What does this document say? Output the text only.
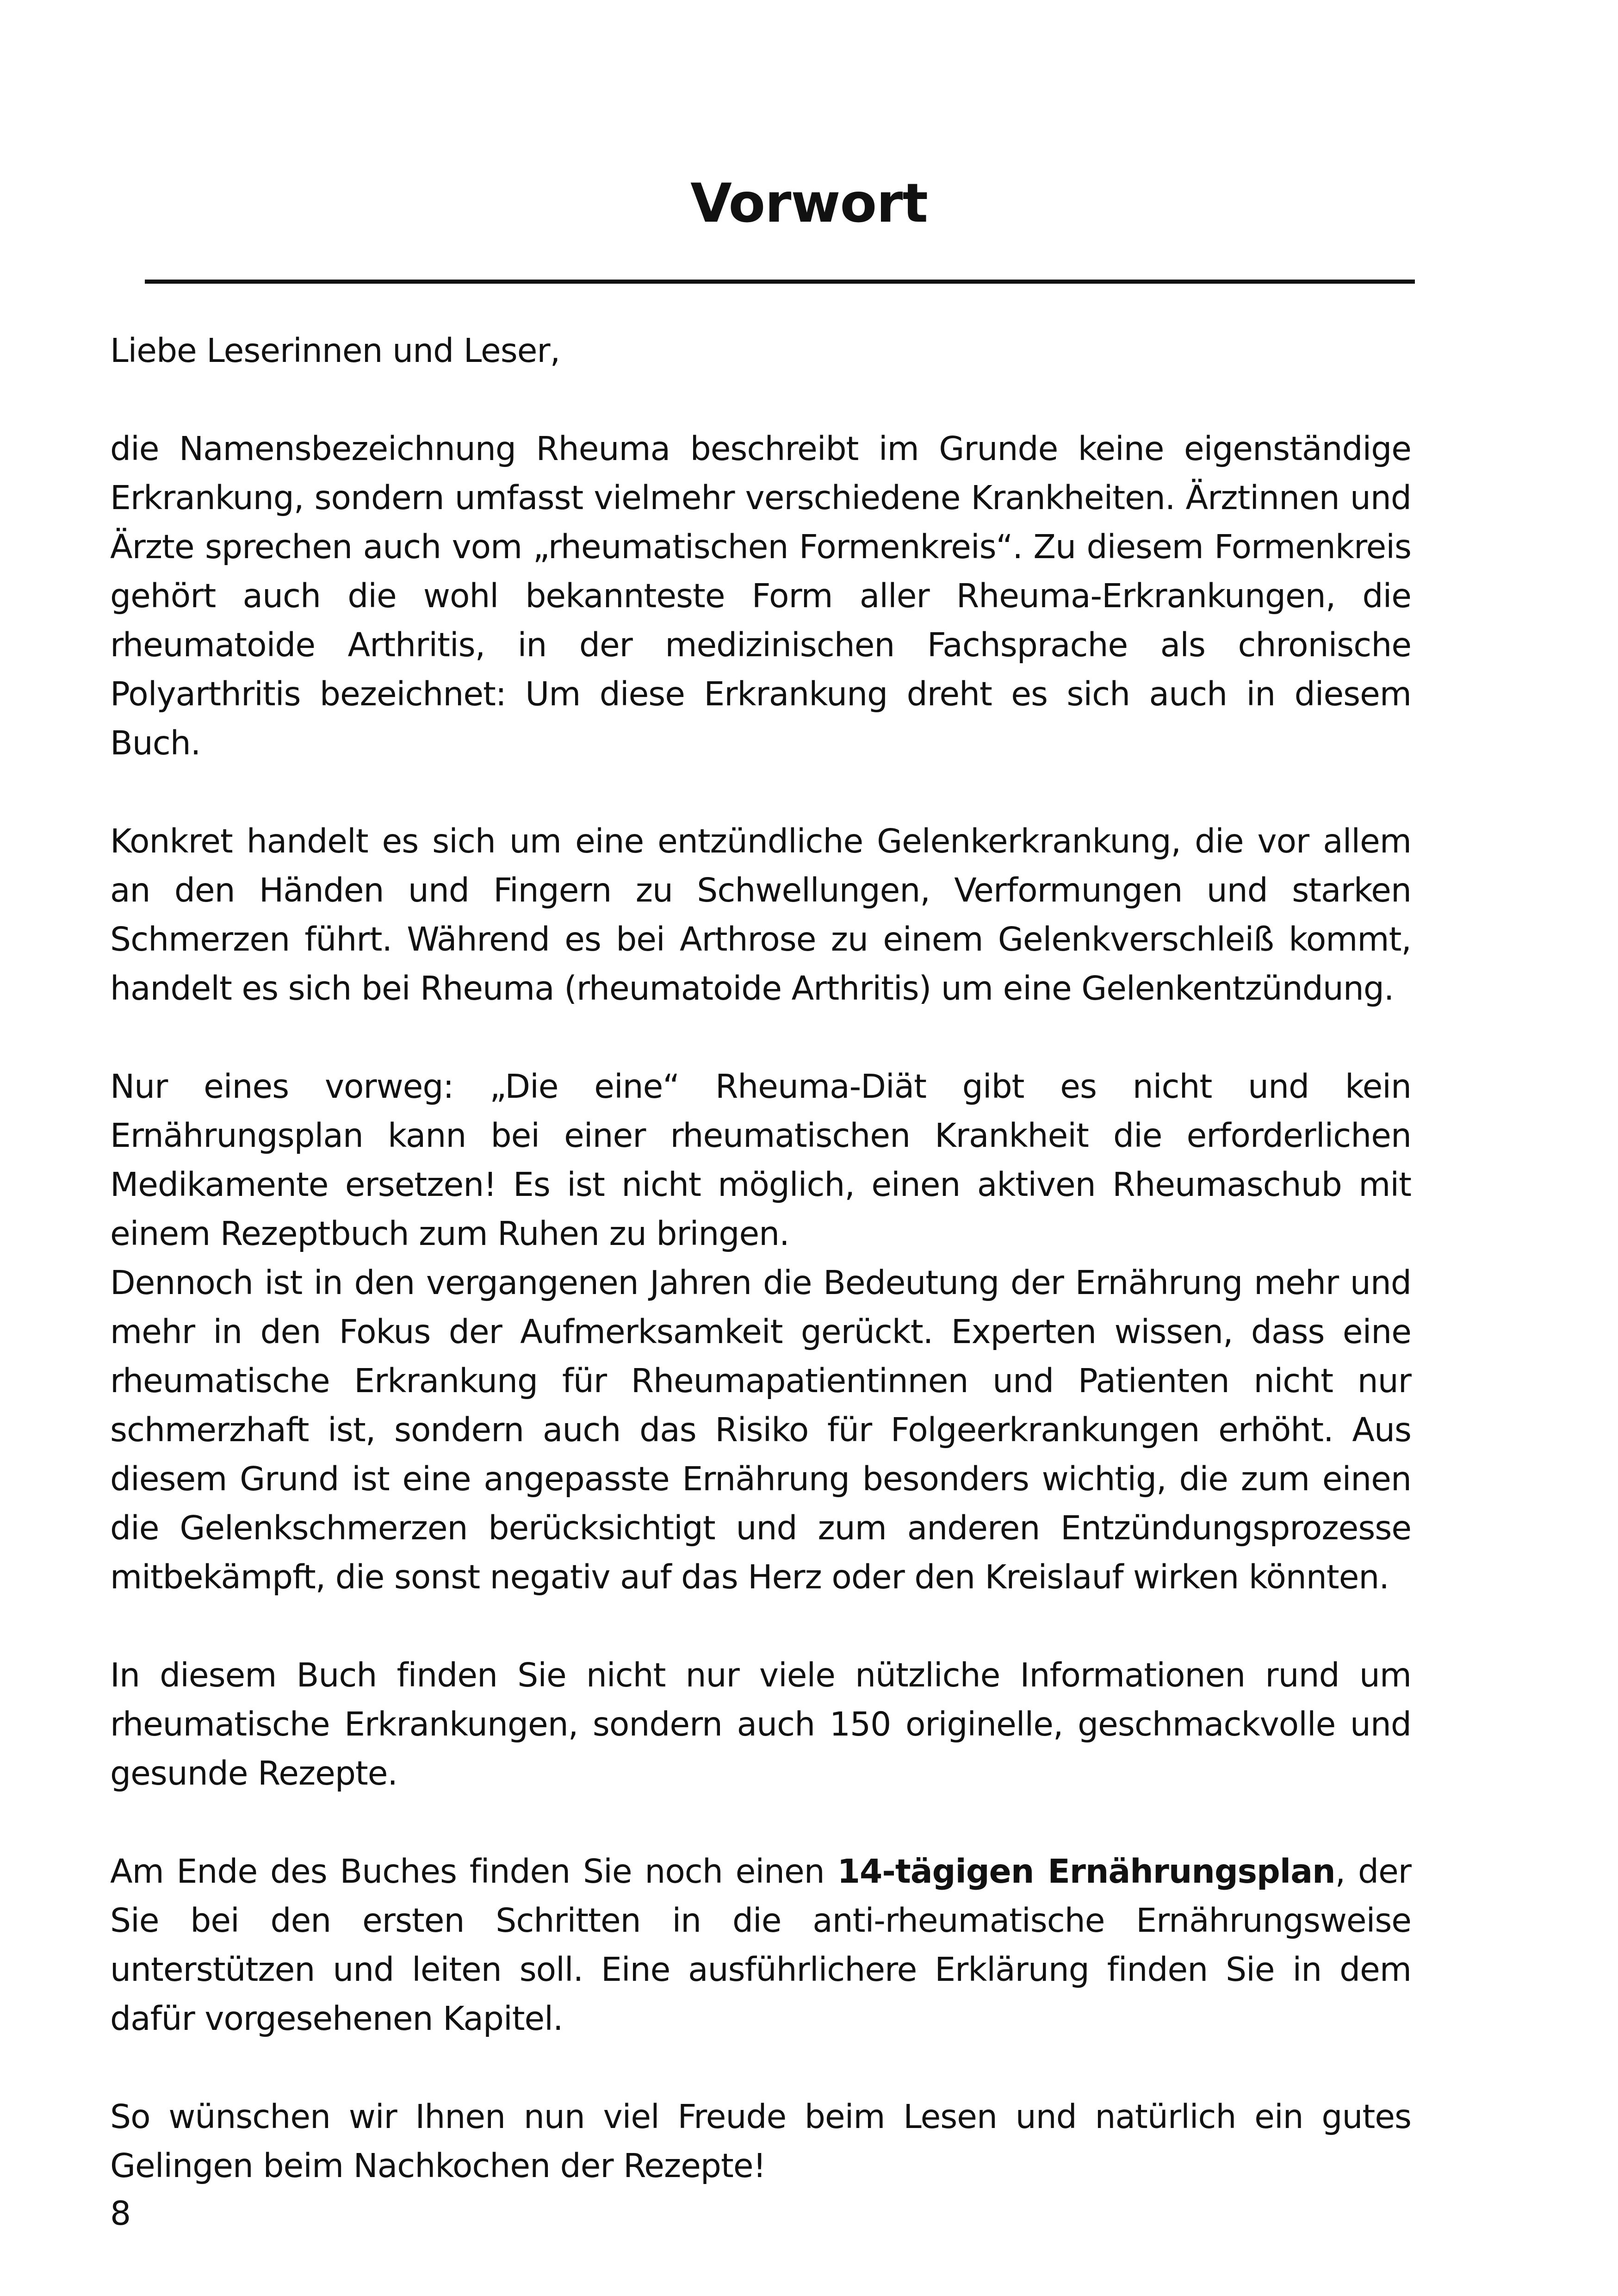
Vorwort

Liebe Leserinnen und Leser,

die Namensbezeichnung Rheuma beschreibt im Grunde keine eigenständige Erkrankung, sondern umfasst vielmehr verschiedene Krankheiten. Ärztinnen und Ärzte sprechen auch vom „rheumatischen Formenkreis“. Zu diesem Formenkreis gehört auch die wohl bekannteste Form aller Rheuma-Erkrankungen, die rheumatoide Arthritis, in der medizinischen Fachsprache als chronische Polyarthritis bezeichnet: Um diese Erkrankung dreht es sich auch in diesem Buch.

Konkret handelt es sich um eine entzündliche Gelenkerkrankung, die vor allem an den Händen und Fingern zu Schwellungen, Verformungen und starken Schmerzen führt. Während es bei Arthrose zu einem Gelenkverschleiß kommt, handelt es sich bei Rheuma (rheumatoide Arthritis) um eine Gelenkentzündung.

Nur eines vorweg: „Die eine“ Rheuma-Diät gibt es nicht und kein Ernährungsplan kann bei einer rheumatischen Krankheit die erforderlichen Medikamente ersetzen! Es ist nicht möglich, einen aktiven Rheumaschub mit einem Rezeptbuch zum Ruhen zu bringen.

Dennoch ist in den vergangenen Jahren die Bedeutung der Ernährung mehr und mehr in den Fokus der Aufmerksamkeit gerückt. Experten wissen, dass eine rheumatische Erkrankung für Rheumapatientinnen und Patienten nicht nur schmerzhaft ist, sondern auch das Risiko für Folgeerkrankungen erhöht. Aus diesem Grund ist eine angepasste Ernährung besonders wichtig, die zum einen die Gelenkschmerzen berücksichtigt und zum anderen Entzündungsprozesse mitbekämpft, die sonst negativ auf das Herz oder den Kreislauf wirken könnten.

In diesem Buch finden Sie nicht nur viele nützliche Informationen rund um rheumatische Erkrankungen, sondern auch 150 originelle, geschmackvolle und gesunde Rezepte.

Am Ende des Buches finden Sie noch einen 14-tägigen Ernährungsplan, der Sie bei den ersten Schritten in die anti-rheumatische Ernährungsweise unterstützen und leiten soll. Eine ausführlichere Erklärung finden Sie in dem dafür vorgesehenen Kapitel.

So wünschen wir Ihnen nun viel Freude beim Lesen und natürlich ein gutes Gelingen beim Nachkochen der Rezepte!

8
